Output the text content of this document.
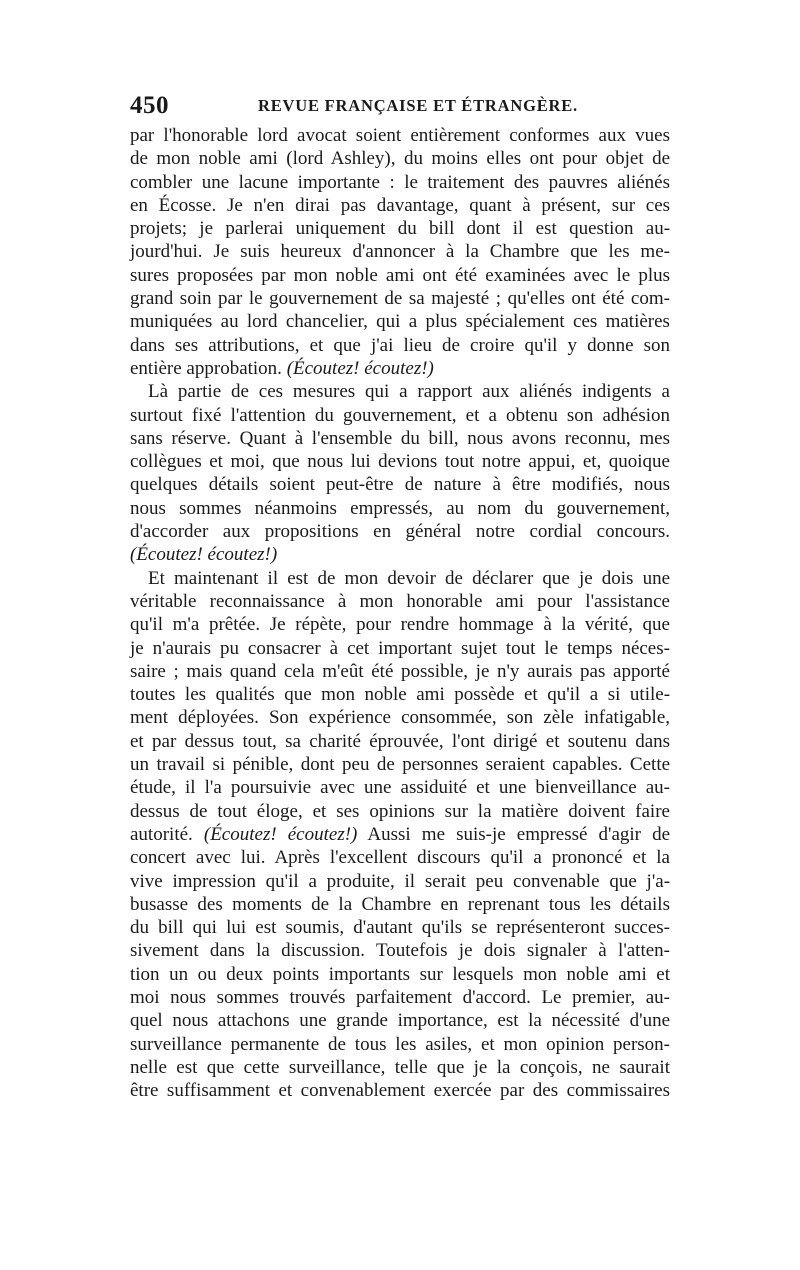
450	REVUE FRANÇAISE ET ÉTRANGÈRE.
par l'honorable lord avocat soient entièrement conformes aux vues
de mon noble ami (lord Ashley), du moins elles ont pour objet de
combler une lacune importante : le traitement des pauvres aliénés
en Écosse. Je n'en dirai pas davantage, quant à présent, sur ces
projets; je parlerai uniquement du bill dont il est question au-
jourd'hui. Je suis heureux d'annoncer à la Chambre que les me-
sures proposées par mon noble ami ont été examinées avec le plus
grand soin par le gouvernement de sa majesté ; qu'elles ont été com-
muniquées au lord chancelier, qui a plus spécialement ces matières
dans ses attributions, et que j'ai lieu de croire qu'il y donne son
entière approbation. (Écoutez! écoutez!)
Là partie de ces mesures qui a rapport aux aliénés indigents a
surtout fixé l'attention du gouvernement, et a obtenu son adhésion
sans réserve. Quant à l'ensemble du bill, nous avons reconnu, mes
collègues et moi, que nous lui devions tout notre appui, et, quoique
quelques détails soient peut-être de nature à être modifiés, nous
nous sommes néanmoins empressés, au nom du gouvernement,
d'accorder aux propositions en général notre cordial concours.
(Écoutez! écoutez!)
Et maintenant il est de mon devoir de déclarer que je dois une
véritable reconnaissance à mon honorable ami pour l'assistance
qu'il m'a prêtée. Je répète, pour rendre hommage à la vérité, que
je n'aurais pu consacrer à cet important sujet tout le temps néces-
saire ; mais quand cela m'eût été possible, je n'y aurais pas apporté
toutes les qualités que mon noble ami possède et qu'il a si utile-
ment déployées. Son expérience consommée, son zèle infatigable,
et par dessus tout, sa charité éprouvée, l'ont dirigé et soutenu dans
un travail si pénible, dont peu de personnes seraient capables. Cette
étude, il l'a poursuivie avec une assiduité et une bienveillance au-
dessus de tout éloge, et ses opinions sur la matière doivent faire
autorité. (Écoutez! écoutez!) Aussi me suis-je empressé d'agir de
concert avec lui. Après l'excellent discours qu'il a prononcé et la
vive impression qu'il a produite, il serait peu convenable que j'a-
busasse des moments de la Chambre en reprenant tous les détails
du bill qui lui est soumis, d'autant qu'ils se représenteront succes-
sivement dans la discussion. Toutefois je dois signaler à l'atten-
tion un ou deux points importants sur lesquels mon noble ami et
moi nous sommes trouvés parfaitement d'accord. Le premier, au-
quel nous attachons une grande importance, est la nécessité d'une
surveillance permanente de tous les asiles, et mon opinion person-
nelle est que cette surveillance, telle que je la conçois, ne saurait
être suffisamment et convenablement exercée par des commissaires
